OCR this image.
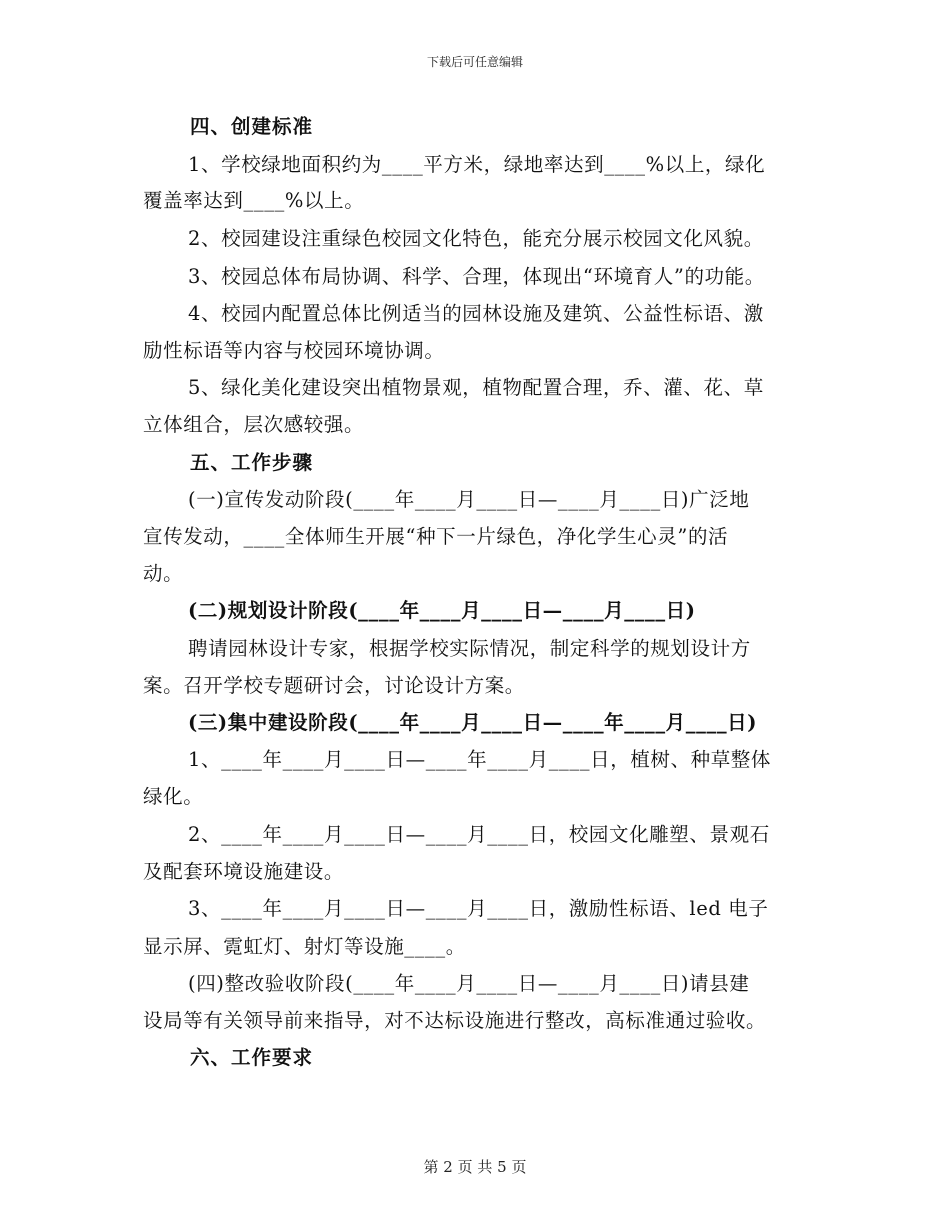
下载后可任意编辑
四、创建标准
1、学校绿地面积约为____平方米，绿地率达到____%以上，绿化
覆盖率达到____%以上。
2、校园建设注重绿色校园文化特色，能充分展示校园文化风貌。
3、校园总体布局协调、科学、合理，体现出“环境育人”的功能。
4、校园内配置总体比例适当的园林设施及建筑、公益性标语、激
励性标语等内容与校园环境协调。
5、绿化美化建设突出植物景观，植物配置合理，乔、灌、花、草
立体组合，层次感较强。
五、工作步骤
(一)宣传发动阶段(____年____月____日—____月____日)广泛地
宣传发动，____全体师生开展“种下一片绿色，净化学生心灵”的活
动。
(二)规划设计阶段(____年____月____日—____月____日)
聘请园林设计专家，根据学校实际情况，制定科学的规划设计方
案。召开学校专题研讨会，讨论设计方案。
(三)集中建设阶段(____年____月____日—____年____月____日)
1、____年____月____日—____年____月____日，植树、种草整体
绿化。
2、____年____月____日—____月____日，校园文化雕塑、景观石
及配套环境设施建设。
3、____年____月____日—____月____日，激励性标语、led 电子
显示屏、霓虹灯、射灯等设施____。
(四)整改验收阶段(____年____月____日—____月____日)请县建
设局等有关领导前来指导，对不达标设施进行整改，高标准通过验收。
六、工作要求
第 2 页 共 5 页
